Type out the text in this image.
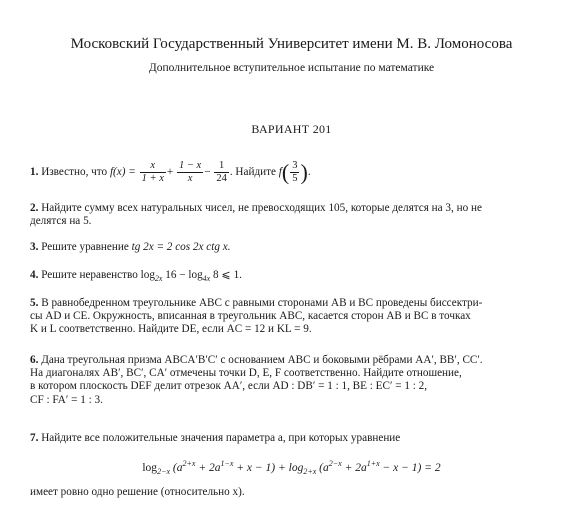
Московский Государственный Университет имени М. В. Ломоносова
Дополнительное вступительное испытание по математике
ВАРИАНТ 201
1. Известно, что $f(x) = \frac{x}{1 + x} + \frac{1 - x}{x} - \frac{1}{24}$ . Найдите $f( \frac{3}{5}$ ).
2. Найдите сумму всех натуральных чисел, не превосходящих 105, которые делятся на 3, но не
делятся на 5.
3. Решите уравнение tg 2x = 2 cos 2x ctg x.
4. Решите неравенство $\log_{2x} 16 - \log_{4x} 8$ ⩽ 1.
5. В равнобедренном треугольнике ABC с равными сторонами AB и BC проведены биссектри-
сы AD и CE. Окружность, вписанная в треугольник ABC, касается сторон AB и BC в точках
K и L соответственно. Найдите DE, если AC = 12 и KL = 9.
6. Дана треугольная призма ABCA′B′C′ с основанием ABC и боковыми рёбрами AA′, BB′, CC′.
На диагоналях AB′, BC′, CA′ отмечены точки D, E, F соответственно. Найдите отношение,
в котором плоскость DEF делит отрезок AA′, если AD : DB′ = 1 : 1, BE : EC′ = 1 : 2,
CF : FA′ = 1 : 3.
7. Найдите все положительные значения параметра a, при которых уравнение
$\log_{2-x} (a^{2+x} + 2a^{1-x} + x - 1) + \log_{2+x} (a^{2-x} + 2a^{1+x} - x - 1) = 2$
имеет ровно одно решение (относительно x).
